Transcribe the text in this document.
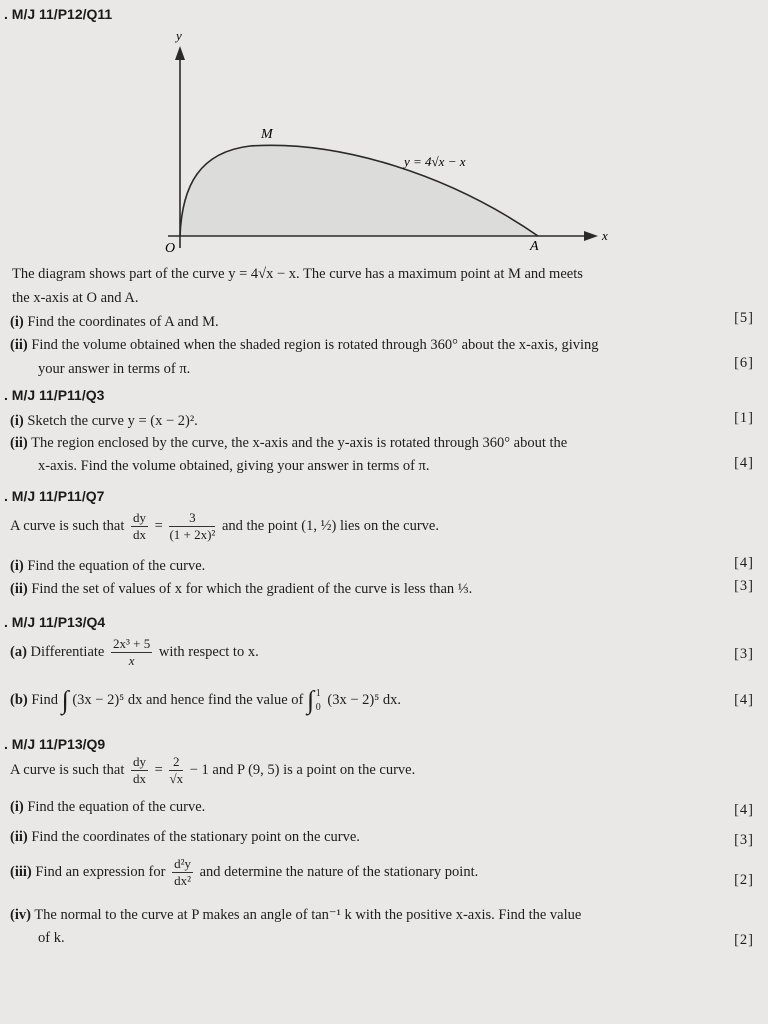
. M/J 11/P12/Q11
y
x
M
O	A
y = 4√x − x
The diagram shows part of the curve y = 4√x − x. The curve has a maximum point at M and meets
the x-axis at O and A.
(i) Find the coordinates of A and M.	[5]
(ii) Find the volume obtained when the shaded region is rotated through 360° about the x-axis, giving
your answer in terms of π.	[6]
. M/J 11/P11/Q3
(i) Sketch the curve y = (x − 2)².	[1]
(ii) The region enclosed by the curve, the x-axis and the y-axis is rotated through 360° about the
x-axis. Find the volume obtained, giving your answer in terms of π.	[4]
. M/J 11/P11/Q7
A curve is such that $\frac{dy}{dx} = \frac{3}{\text{(1 + 2x)²}}$ and the point (1, ½) lies on the curve.
(i) Find the equation of the curve.	[4]
(ii) Find the set of values of x for which the gradient of the curve is less than ⅓.	[3]
. M/J 11/P13/Q4
(a) Differentiate $\frac{\text{2x³ + 5}}{x}$ with respect to x.	[3]
(b) Find ∫ (3x − 2)⁵ dx and hence find the value of ∫ 1
0 (3x − 2)⁵ dx.	[4]
. M/J 11/P13/Q9
A curve is such that $\frac{dy}{dx} = \frac{2}{√x} - 1$ and P (9, 5) is a point on the curve.
(i) Find the equation of the curve.	[4]
(ii) Find the coordinates of the stationary point on the curve.	[3]
(iii) Find an expression for $\frac{\text{d²y}}{\text{dx²}}$ and determine the nature of the stationary point.	[2]
(iv) The normal to the curve at P makes an angle of tan⁻¹ k with the positive x-axis. Find the value
of k.	[2]
